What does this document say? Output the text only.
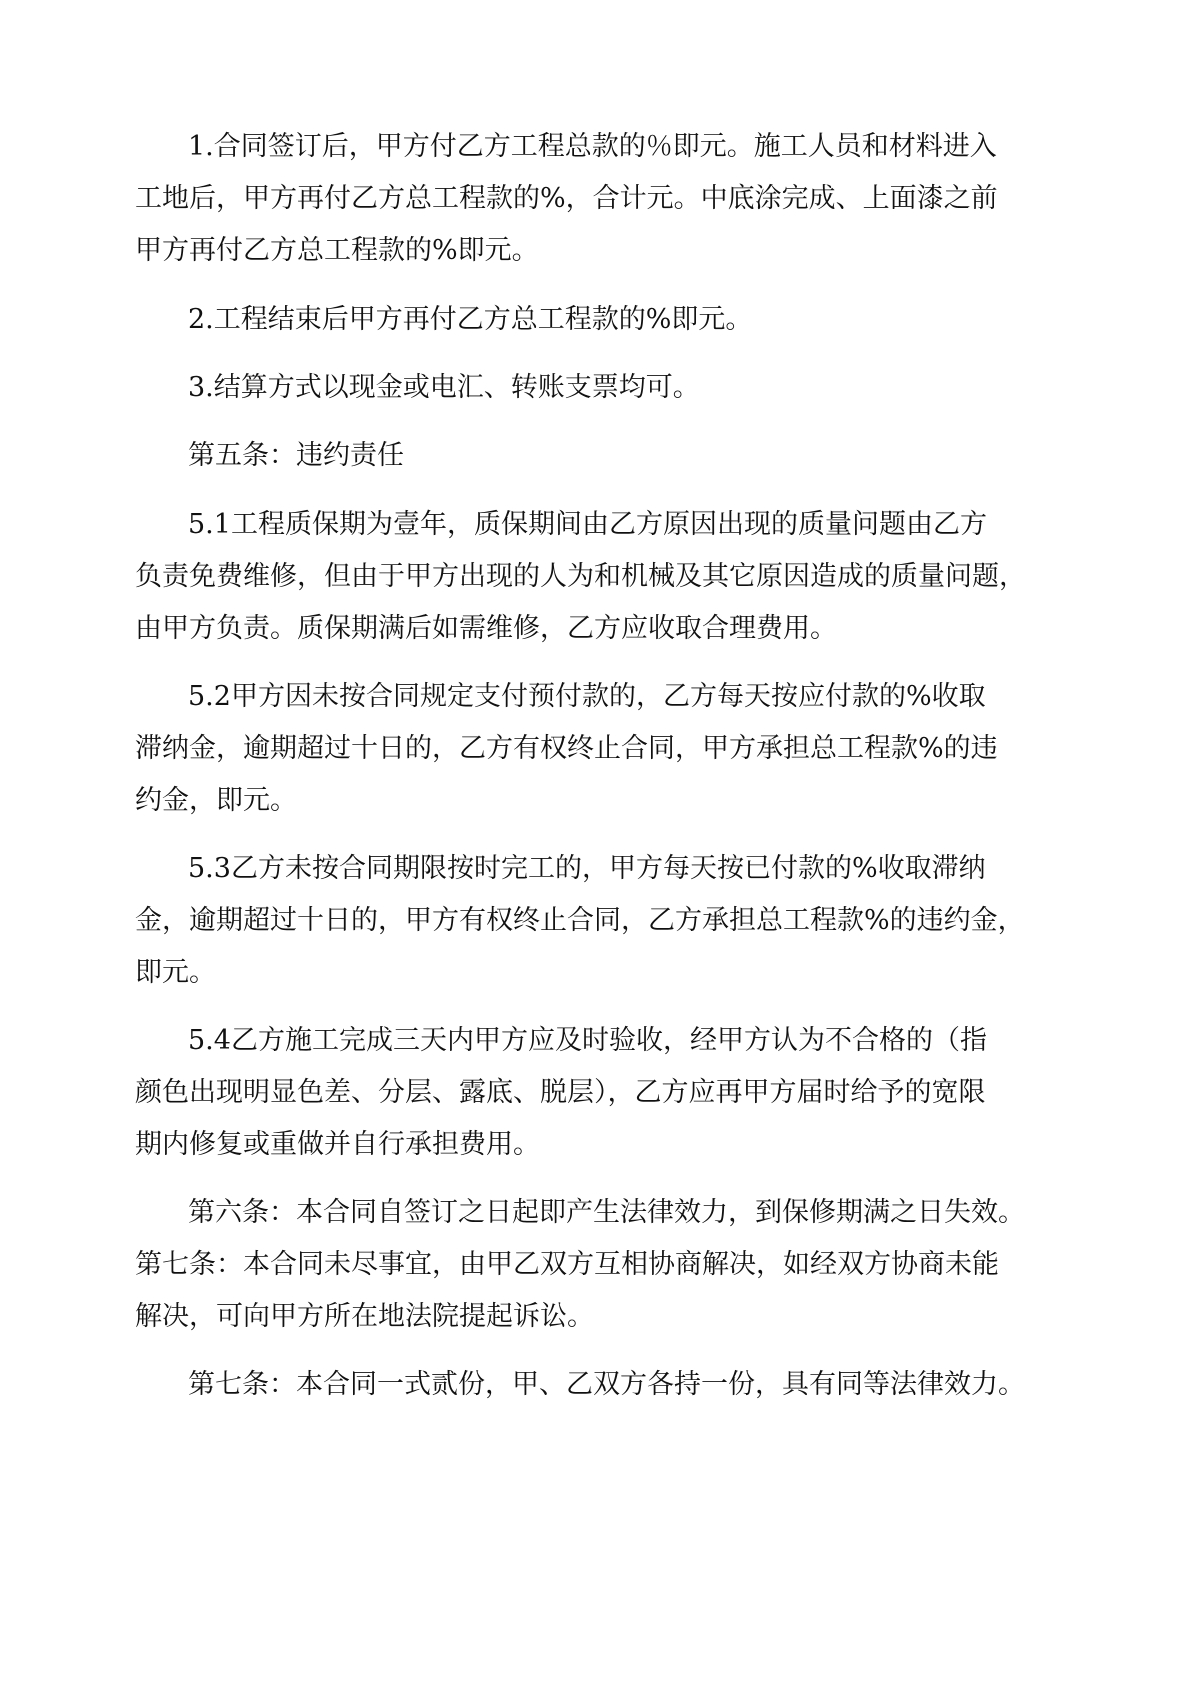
1.合同签订后，甲方付乙方工程总款的％即元。施工人员和材料进入

工地后，甲方再付乙方总工程款的%，合计元。中底涂完成、上面漆之前

甲方再付乙方总工程款的%即元。

2.工程结束后甲方再付乙方总工程款的%即元。

3.结算方式以现金或电汇、转账支票均可。

第五条：违约责任

5.1工程质保期为壹年，质保期间由乙方原因出现的质量问题由乙方

负责免费维修，但由于甲方出现的人为和机械及其它原因造成的质量问题，

由甲方负责。质保期满后如需维修，乙方应收取合理费用。

5.2甲方因未按合同规定支付预付款的，乙方每天按应付款的%收取

滞纳金，逾期超过十日的，乙方有权终止合同，甲方承担总工程款%的违

约金，即元。

5.3乙方未按合同期限按时完工的，甲方每天按已付款的%收取滞纳

金，逾期超过十日的，甲方有权终止合同，乙方承担总工程款%的违约金，

即元。

5.4乙方施工完成三天内甲方应及时验收，经甲方认为不合格的（指

颜色出现明显色差、分层、露底、脱层），乙方应再甲方届时给予的宽限

期内修复或重做并自行承担费用。

第六条：本合同自签订之日起即产生法律效力，到保修期满之日失效。

第七条：本合同未尽事宜，由甲乙双方互相协商解决，如经双方协商未能

解决，可向甲方所在地法院提起诉讼。

第七条：本合同一式贰份，甲、乙双方各持一份，具有同等法律效力。
